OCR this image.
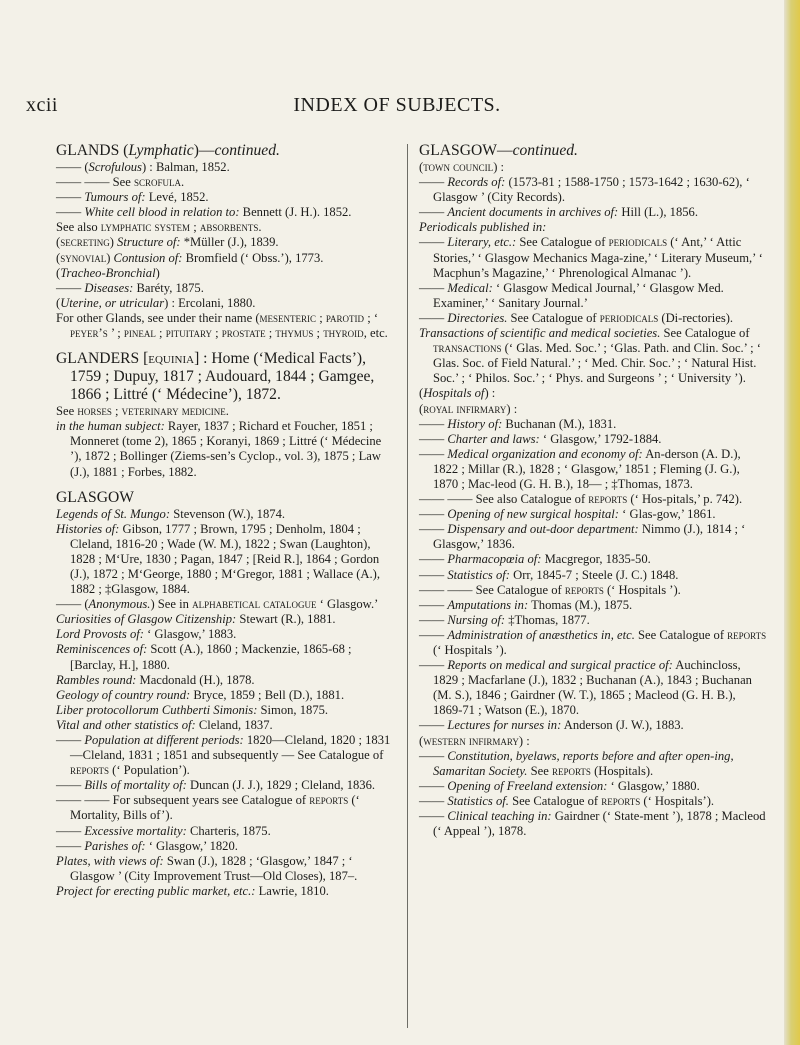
xcii	INDEX OF SUBJECTS.

GLANDS (Lymphatic)—continued.

—— (Scrofulous) : Balman, 1852.

—— —— See scrofula.

—— Tumours of: Levé, 1852.

—— White cell blood in relation to: Bennett (J. H.). 1852.

See also lymphatic system ; absorbents.

(secreting) Structure of: *Müller (J.), 1839.

(synovial) Contusion of: Bromfield (‘ Obss.’), 1773.

(Tracheo-Bronchial)

—— Diseases: Baréty, 1875.

(Uterine, or utricular) : Ercolani, 1880.

For other Glands, see under their name (mesenteric ; parotid ; ‘ peyer’s ’ ; pineal ; pituitary ; prostate ; thymus ; thyroid, etc.

GLANDERS [equinia] : Home (‘Medical Facts’), 1759 ; Dupuy, 1817 ; Audouard, 1844 ; Gamgee, 1866 ; Littré (‘ Médecine’), 1872.

See horses ; veterinary medicine.

in the human subject: Rayer, 1837 ; Richard et Foucher, 1851 ; Monneret (tome 2), 1865 ; Koranyi, 1869 ; Littré (‘ Médecine ’), 1872 ; Bollinger (Ziems-sen’s Cyclop., vol. 3), 1875 ; Law (J.), 1881 ; Forbes, 1882.

GLASGOW

Legends of St. Mungo: Stevenson (W.), 1874.

Histories of: Gibson, 1777 ; Brown, 1795 ; Denholm, 1804 ; Cleland, 1816-20 ; Wade (W. M.), 1822 ; Swan (Laughton), 1828 ; M‘Ure, 1830 ; Pagan, 1847 ; [Reid R.], 1864 ; Gordon (J.), 1872 ; M‘George, 1880 ; M‘Gregor, 1881 ; Wallace (A.), 1882 ; ‡Glasgow, 1884.

—— (Anonymous.) See in alphabetical catalogue ‘ Glasgow.’

Curiosities of Glasgow Citizenship: Stewart (R.), 1881.

Lord Provosts of: ‘ Glasgow,’ 1883.

Reminiscences of: Scott (A.), 1860 ; Mackenzie, 1865-68 ; [Barclay, H.], 1880.

Rambles round: Macdonald (H.), 1878.

Geology of country round: Bryce, 1859 ; Bell (D.), 1881.

Liber protocollorum Cuthberti Simonis: Simon, 1875.

Vital and other statistics of: Cleland, 1837.

—— Population at different periods: 1820—Cleland, 1820 ; 1831—Cleland, 1831 ; 1851 and subsequently — See Catalogue of reports (‘ Population’).

—— Bills of mortality of: Duncan (J. J.), 1829 ; Cleland, 1836.

—— —— For subsequent years see Catalogue of reports (‘ Mortality, Bills of’).

—— Excessive mortality: Charteris, 1875.

—— Parishes of: ‘ Glasgow,’ 1820.

Plates, with views of: Swan (J.), 1828 ; ‘Glasgow,’ 1847 ; ‘ Glasgow ’ (City Improvement Trust—Old Closes), 187–.

Project for erecting public market, etc.: Lawrie, 1810.

GLASGOW—continued.

(town council) :

—— Records of: (1573-81 ; 1588-1750 ; 1573-1642 ; 1630-62), ‘ Glasgow ’ (City Records).

—— Ancient documents in archives of: Hill (L.), 1856.

Periodicals published in:

—— Literary, etc.: See Catalogue of periodicals (‘ Ant,’ ‘ Attic Stories,’ ‘ Glasgow Mechanics Maga-zine,’ ‘ Literary Museum,’ ‘ Macphun’s Magazine,’ ‘ Phrenological Almanac ’).

—— Medical: ‘ Glasgow Medical Journal,’ ‘ Glasgow Med. Examiner,’ ‘ Sanitary Journal.’

—— Directories. See Catalogue of periodicals (Di-rectories).

Transactions of scientific and medical societies. See Catalogue of transactions (‘ Glas. Med. Soc.’ ; ‘Glas. Path. and Clin. Soc.’ ; ‘ Glas. Soc. of Field Natural.’ ; ‘ Med. Chir. Soc.’ ; ‘ Natural Hist. Soc.’ ; ‘ Philos. Soc.’ ; ‘ Phys. and Surgeons ’ ; ‘ University ’).

(Hospitals of) :

(royal infirmary) :

—— History of: Buchanan (M.), 1831.

—— Charter and laws: ‘ Glasgow,’ 1792-1884.

—— Medical organization and economy of: An-derson (A. D.), 1822 ; Millar (R.), 1828 ; ‘ Glasgow,’ 1851 ; Fleming (J. G.), 1870 ; Mac-leod (G. H. B.), 18— ; ‡Thomas, 1873.

—— —— See also Catalogue of reports (‘ Hos-pitals,’ p. 742).

—— Opening of new surgical hospital: ‘ Glas-gow,’ 1861.

—— Dispensary and out-door department: Nimmo (J.), 1814 ; ‘ Glasgow,’ 1836.

—— Pharmacopœia of: Macgregor, 1835-50.

—— Statistics of: Orr, 1845-7 ; Steele (J. C.) 1848.

—— —— See Catalogue of reports (‘ Hospitals ’).

—— Amputations in: Thomas (M.), 1875.

—— Nursing of: ‡Thomas, 1877.

—— Administration of anæsthetics in, etc. See Catalogue of reports (‘ Hospitals ’).

—— Reports on medical and surgical practice of: Auchincloss, 1829 ; Macfarlane (J.), 1832 ; Buchanan (A.), 1843 ; Buchanan (M. S.), 1846 ; Gairdner (W. T.), 1865 ; Macleod (G. H. B.), 1869-71 ; Watson (E.), 1870.

—— Lectures for nurses in: Anderson (J. W.), 1883.

(western infirmary) :

—— Constitution, byelaws, reports before and after open-ing, Samaritan Society. See reports (Hospitals).

—— Opening of Freeland extension: ‘ Glasgow,’ 1880.

—— Statistics of. See Catalogue of reports (‘ Hospitals’).

—— Clinical teaching in: Gairdner (‘ State-ment ’), 1878 ; Macleod (‘ Appeal ’), 1878.
